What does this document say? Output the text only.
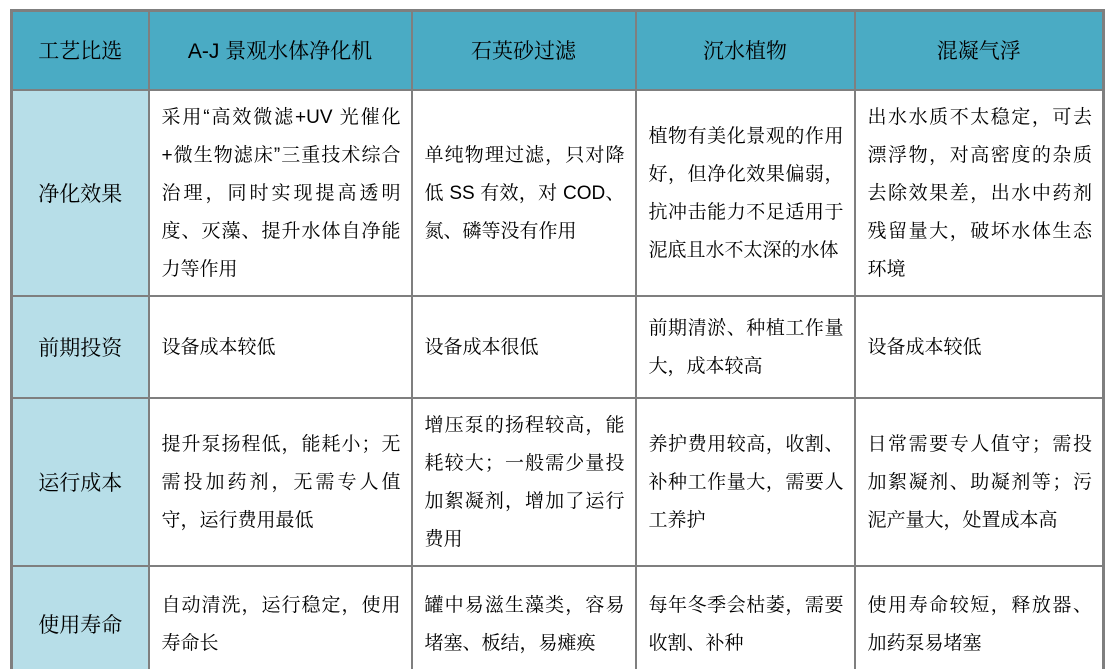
工艺比选	A-J 景观水体净化机	石英砂过滤	沉水植物	混凝气浮
净化效果	采用“高效微滤+UV 光催化+微生物滤床”三重技术综合治理，同时实现提高透明度、灭藻、提升水体自净能力等作用	单纯物理过滤，只对降低 SS 有效，对 COD、氮、磷等没有作用	植物有美化景观的作用好，但净化效果偏弱，抗冲击能力不足适用于泥底且水不太深的水体	出水水质不太稳定，可去漂浮物，对高密度的杂质去除效果差，出水中药剂残留量大，破坏水体生态环境
前期投资	设备成本较低	设备成本很低	前期清淤、种植工作量大，成本较高	设备成本较低
运行成本	提升泵扬程低，能耗小；无需投加药剂，无需专人值守，运行费用最低	增压泵的扬程较高，能耗较大；一般需少量投加絮凝剂，增加了运行费用	养护费用较高，收割、补种工作量大，需要人工养护	日常需要专人值守；需投加絮凝剂、助凝剂等；污泥产量大，处置成本高
使用寿命	自动清洗，运行稳定，使用寿命长	罐中易滋生藻类，容易堵塞、板结，易瘫痪	每年冬季会枯萎，需要收割、补种	使用寿命较短，释放器、加药泵易堵塞
